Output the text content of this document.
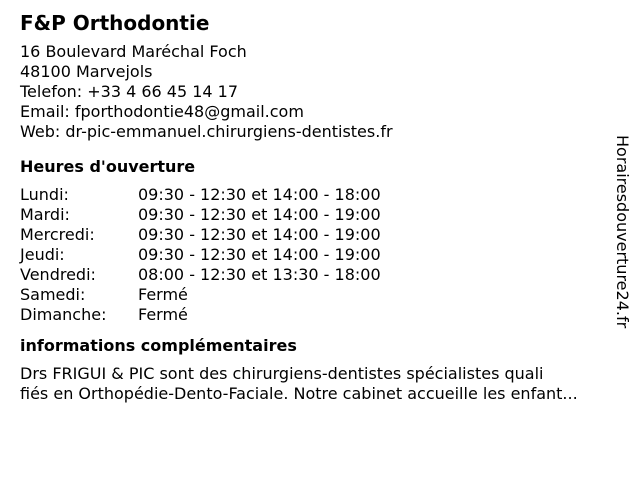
F&P Orthodontie
16 Boulevard Maréchal Foch
48100 Marvejols
Telefon: +33 4 66 45 14 17
Email: fporthodontie48@gmail.com
Web: dr-pic-emmanuel.chirurgiens-dentistes.fr
Heures d'ouverture
Lundi:	09:30 - 12:30 et 14:00 - 18:00
Mardi:	09:30 - 12:30 et 14:00 - 19:00
Mercredi:	09:30 - 12:30 et 14:00 - 19:00
Jeudi:	09:30 - 12:30 et 14:00 - 19:00
Vendredi:	08:00 - 12:30 et 13:30 - 18:00
Samedi:	Fermé
Dimanche:	Fermé
informations complémentaires
Drs FRIGUI & PIC sont des chirurgiens-dentistes spécialistes quali
fiés en Orthopédie-Dento-Faciale. Notre cabinet accueille les enfant...
Horairesdouverture24.fr
